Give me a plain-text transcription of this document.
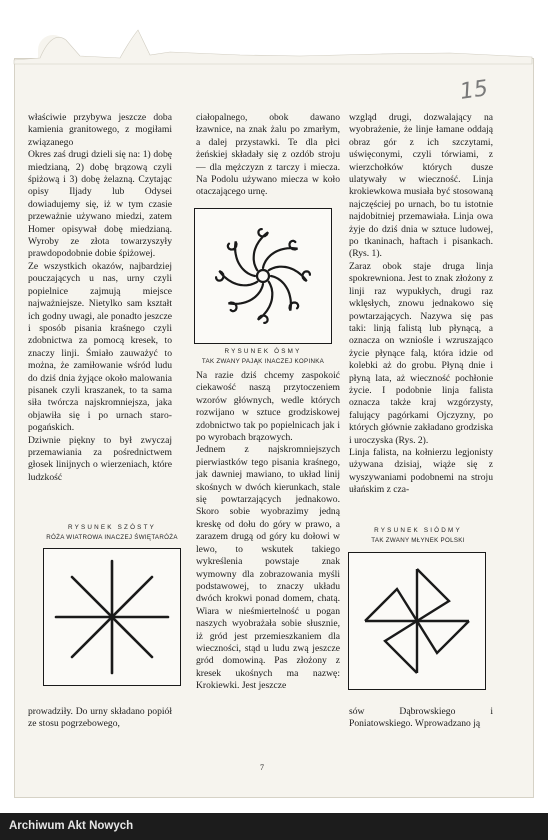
15

właściwie przybywa jeszcze doba kamienia granitowego, z mogiłami związanego
Okres zaś drugi dzieli się na: 1) dobę miedzianą, 2) dobę brązową czyli śpiżową i 3) dobę żelazną. Czytając opisy Iljady lub Odysei dowiadujemy się, iż w tym czasie przeważnie używano miedzi, zatem Homer opisywał dobę miedzianą. Wyroby ze złota towarzyszyły prawdopodobnie dobie śpiżowej.
Ze wszystkich okazów, najbardziej pouczających u nas, urny czyli popielnice zajmują miejsce najważniejsze. Nietylko sam kształt ich godny uwagi, ale ponadto jeszcze i sposób pisania kraśnego czyli zdobnictwa za pomocą kresek, to znaczy linji. Śmiało zauważyć to można, że zamiłowanie wśród ludu do dziś dnia żyjące około malowania pisanek czyli kraszanek, to ta sama siła twórcza najskromniejsza, jaka objawiła się i po urnach staro-pogańskich.
Dziwnie piękny to był zwyczaj przemawiania za pośrednictwem głosek linijnych o wierzeniach, które ludzkość

ciałopalnego, obok dawano łzawnice, na znak żalu po zmarłym, a dalej przystawki. Te dla płci żeńskiej składały się z ozdób stroju — dla mężczyzn z tarczy i miecza. Na Podolu używano miecza w koło otaczającego urnę.

RYSUNEK ÓSMY
TAK ZWANY PAJĄK INACZEJ KOPINKA

Na razie dziś chcemy zaspokoić ciekawość naszą przytoczeniem wzorów głównych, wedle których rozwijano w sztuce grodziskowej zdobnictwo tak po popielnicach jak i po wyrobach brązowych.
Jednem z najskromniejszych pierwiastków tego pisania kraśnego, jak dawniej mawiano, to układ linij skośnych w dwóch kierunkach, stale się powtarzających jednakowo. Skoro sobie wyobrazimy jedną kreskę od dołu do góry w prawo, a zarazem drugą od góry ku dołowi w lewo, to wskutek takiego wykreślenia powstaje znak wymowny dla zobrazowania myśli podstawowej, to znaczy układu dwóch krokwi ponad domem, chatą. Wiara w nieśmiertelność u pogan naszych wyobrażała sobie słusznie, iż gród jest przemieszkaniem dla wieczności, stąd u ludu zwą jeszcze gród domowiną. Pas złożony z kresek ukośnych ma nazwę: Krokiewki. Jest jeszcze

wzgląd drugi, dozwalający na wyobrażenie, że linje łamane oddają obraz gór z ich szczytami, uświęconymi, czyli tórwiami, z wierzchołków których dusze ulatywały w wieczność. Linja krokiewkowa musiała być stosowaną najczęściej po urnach, bo tu istotnie najdobitniej przemawiała. Linja owa żyje do dziś dnia w sztuce ludowej, po tkaninach, haftach i pisankach. (Rys. 1).
Zaraz obok staje druga linja spokrewniona. Jest to znak złożony z linji raz wypukłych, drugi raz wklęsłych, znowu jednakowo się powtarzających. Nazywa się pas taki: linją falistą lub płynącą, a oznacza on wzniośle i wzruszająco życie płynące falą, która idzie od kolebki aż do grobu. Płyną dnie i płyną lata, aż wieczność pochłonie życie. I podobnie linja falista oznacza także kraj wzgórzysty, falujący pagórkami Ojczyzny, po których głównie zakładano grodziska i uroczyska (Rys. 2).
Linja falista, na kołnierzu legjonisty używana dzisiaj, wiąże się z wyszywaniami podobnemi na stroju ułańskim z cza-

RYSUNEK SZÓSTY
RÓŻA WIATROWA INACZEJ ŚWIĘTARÓŻA
RYSUNEK SIÓDMY
TAK ZWANY MŁYNEK POLSKI
prowadziły. Do urny składano popiół ze stosu pogrzebowego,
sów Dąbrowskiego i Poniatowskiego. Wprowadzano ją
7
Archiwum Akt Nowych
